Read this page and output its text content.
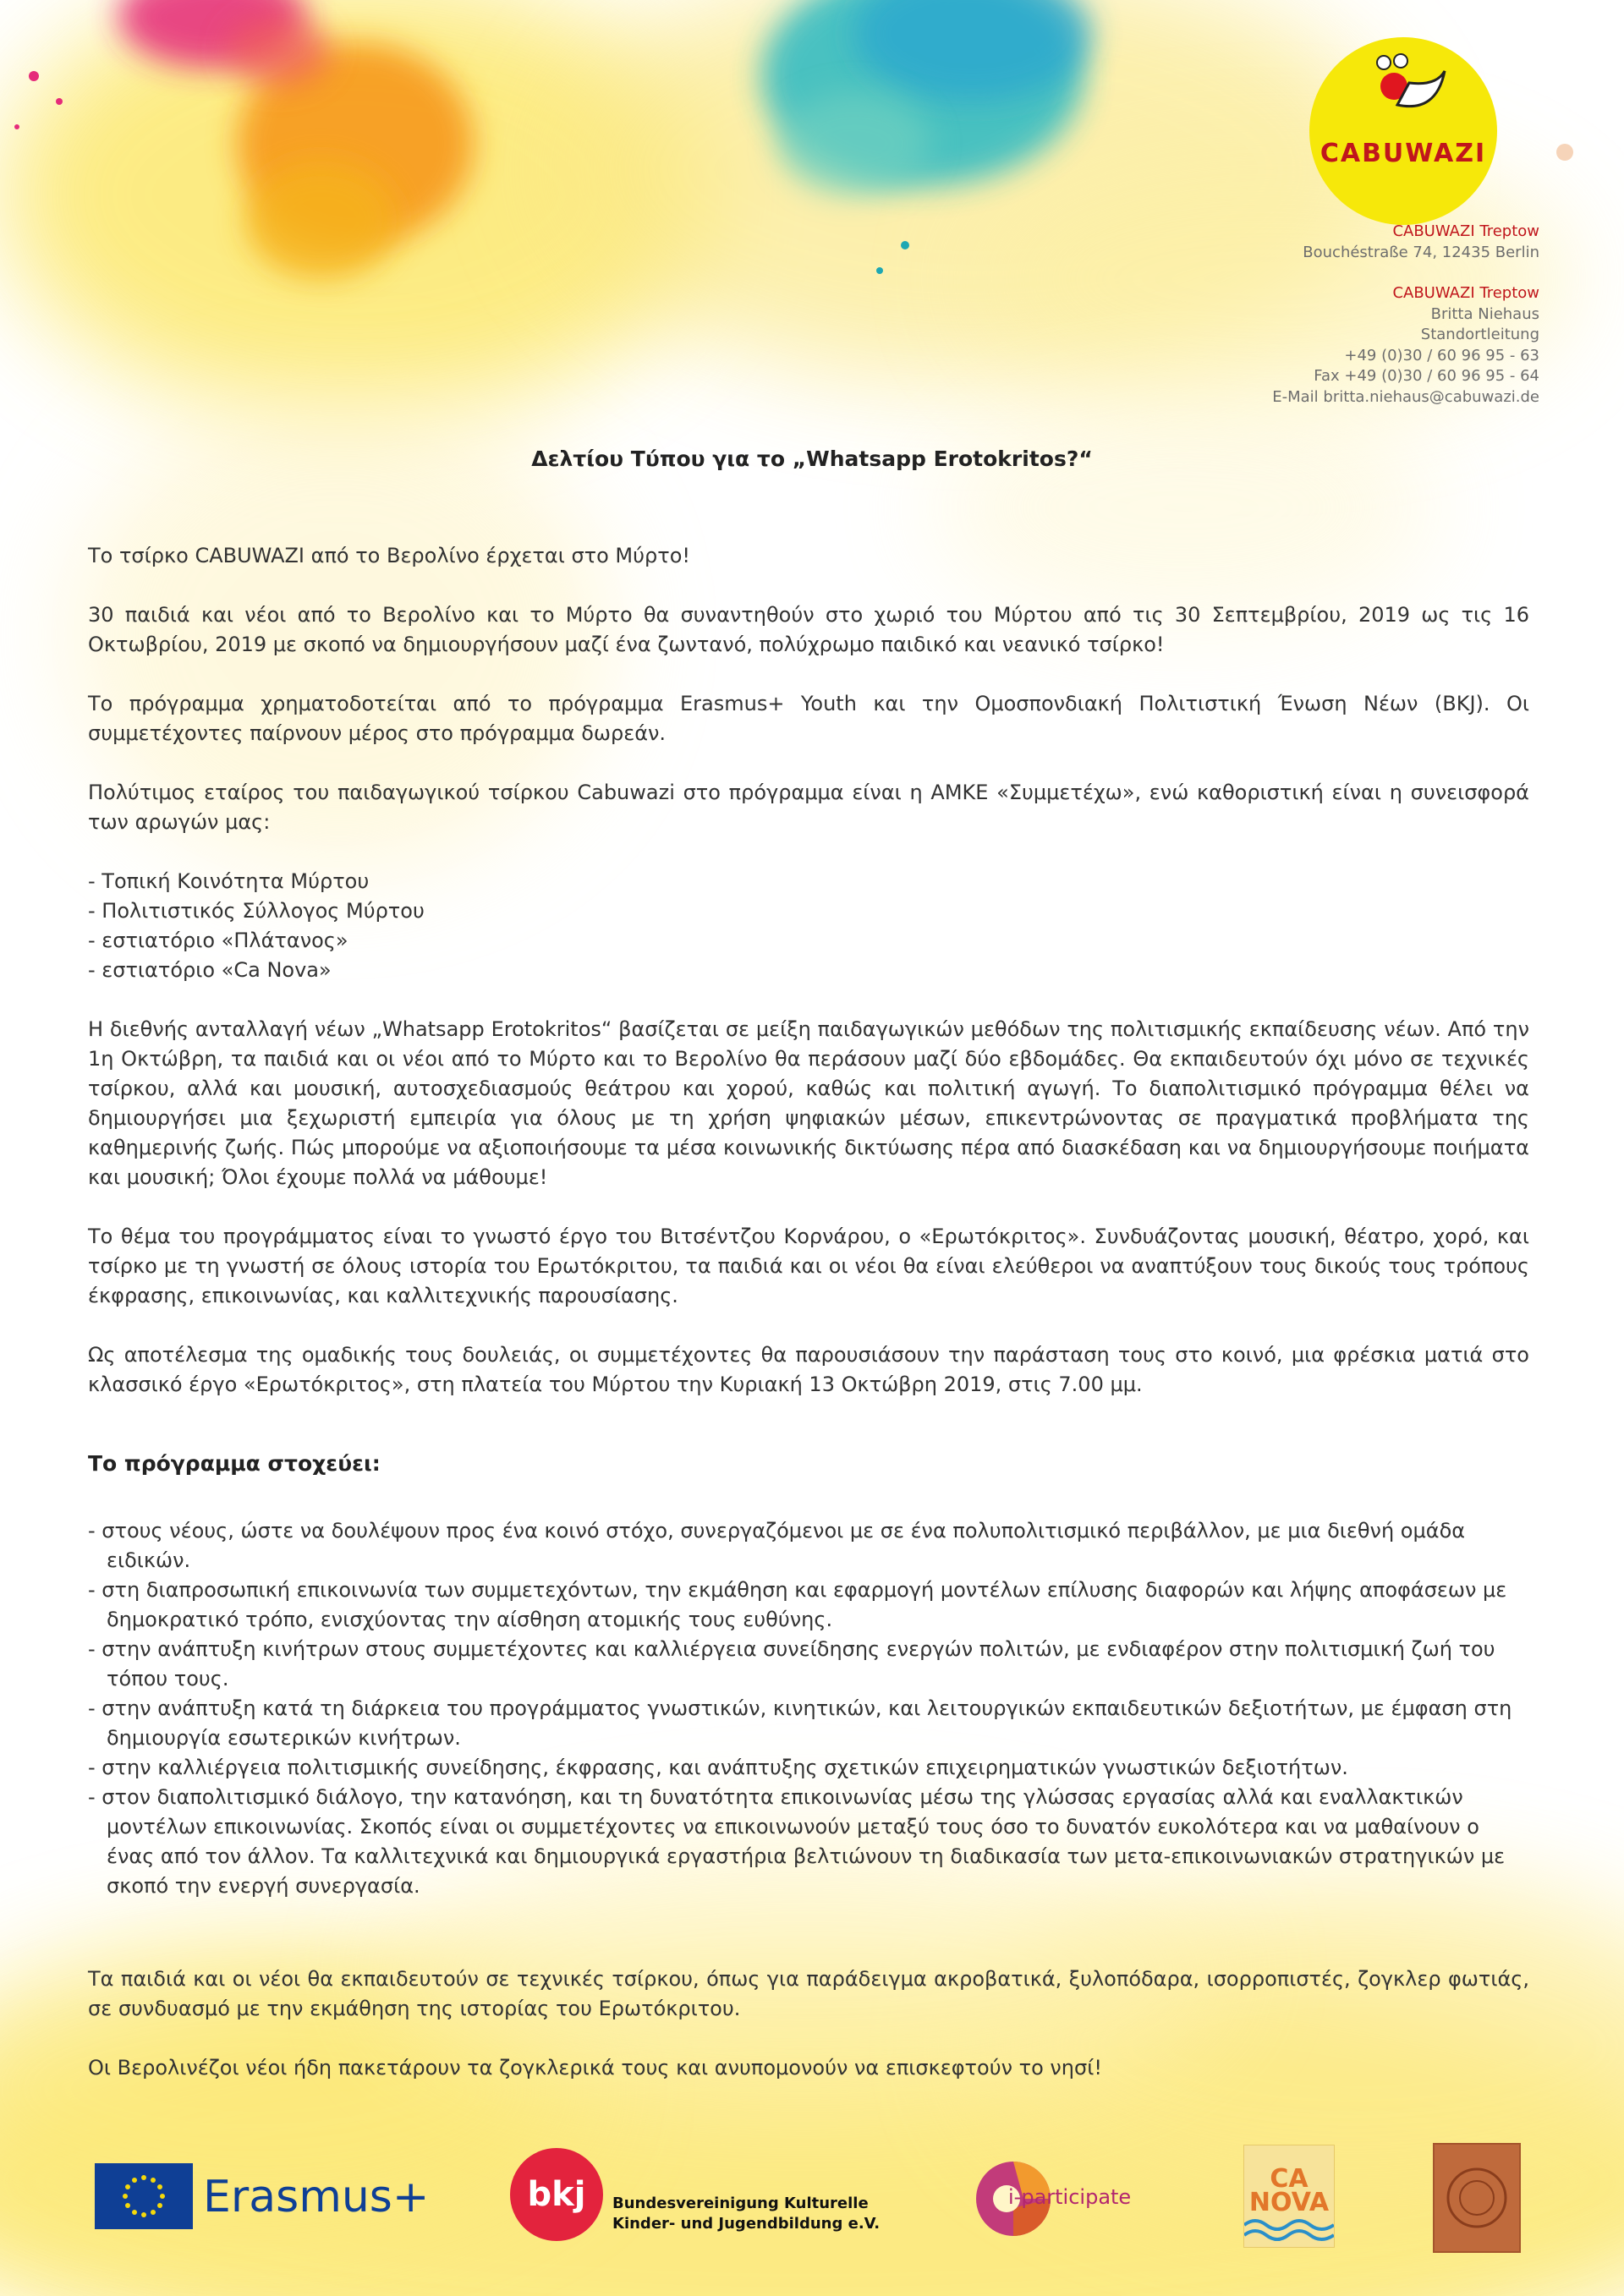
CABUWAZI
CABUWAZI Treptow
Bouchéstraße 74, 12435 Berlin
CABUWAZI Treptow
Britta Niehaus
Standortleitung
+49 (0)30 / 60 96 95 - 63
Fax +49 (0)30 / 60 96 95 - 64
E-Mail britta.niehaus@cabuwazi.de
Δελτίου Τύπου για το „Whatsapp Erotokritos?“

Το τσίρκο CABUWAZI από το Βερολίνο έρχεται στο Μύρτο!

30 παιδιά και νέοι από το Βερολίνο και το Μύρτο θα συναντηθούν στο χωριό του Μύρτου από τις 30 Σεπτεμβρίου, 2019 ως τις 16 Οκτωβρίου, 2019 με σκοπό να δημιουργήσουν μαζί ένα ζωντανό, πολύχρωμο παιδικό και νεανικό τσίρκο!

Το πρόγραμμα χρηματοδοτείται από το πρόγραμμα Erasmus+ Youth και την Ομοσπονδιακή Πολιτιστική Ένωση Νέων (BKJ). Οι συμμετέχοντες παίρνουν μέρος στο πρόγραμμα δωρεάν.

Πολύτιμος εταίρος του παιδαγωγικού τσίρκου Cabuwazi στο πρόγραμμα είναι η ΑΜΚΕ «Συμμετέχω», ενώ καθοριστική είναι η συνεισφορά των αρωγών μας:

- Τοπική Κοινότητα Μύρτου
- Πολιτιστικός Σύλλογος Μύρτου
- εστιατόριο «Πλάτανος»
- εστιατόριο «Ca Nova»

Η διεθνής ανταλλαγή νέων „Whatsapp Erotokritos“ βασίζεται σε μείξη παιδαγωγικών μεθόδων της πολιτισμικής εκπαίδευσης νέων. Από την 1η Οκτώβρη, τα παιδιά και οι νέοι από το Μύρτο και το Βερολίνο θα περάσουν μαζί δύο εβδομάδες. Θα εκπαιδευτούν όχι μόνο σε τεχνικές τσίρκου, αλλά και μουσική, αυτοσχεδιασμούς θεάτρου και χορού, καθώς και πολιτική αγωγή. Το διαπολιτισμικό πρόγραμμα θέλει να δημιουργήσει μια ξεχωριστή εμπειρία για όλους με τη χρήση ψηφιακών μέσων, επικεντρώνοντας σε πραγματικά προβλήματα της καθημερινής ζωής. Πώς μπορούμε να αξιοποιήσουμε τα μέσα κοινωνικής δικτύωσης πέρα από διασκέδαση και να δημιουργήσουμε ποιήματα και μουσική; Όλοι έχουμε πολλά να μάθουμε!

Το θέμα του προγράμματος είναι το γνωστό έργο του Βιτσέντζου Κορνάρου, ο «Ερωτόκριτος». Συνδυάζοντας μουσική, θέατρο, χορό, και τσίρκο με τη γνωστή σε όλους ιστορία του Ερωτόκριτου, τα παιδιά και οι νέοι θα είναι ελεύθεροι να αναπτύξουν τους δικούς τους τρόπους έκφρασης, επικοινωνίας, και καλλιτεχνικής παρουσίασης.

Ως αποτέλεσμα της ομαδικής τους δουλειάς, οι συμμετέχοντες θα παρουσιάσουν την παράσταση τους στο κοινό, μια φρέσκια ματιά στο κλασσικό έργο «Ερωτόκριτος», στη πλατεία του Μύρτου την Κυριακή 13 Οκτώβρη 2019, στις 7.00 μμ.

Το πρόγραμμα στοχεύει:
- στους νέους, ώστε να δουλέψουν προς ένα κοινό στόχο, συνεργαζόμενοι με σε ένα πολυπολιτισμικό περιβάλλον, με μια διεθνή ομάδα ειδικών.
- στη διαπροσωπική επικοινωνία των συμμετεχόντων, την εκμάθηση και εφαρμογή μοντέλων επίλυσης διαφορών και λήψης αποφάσεων με δημοκρατικό τρόπο, ενισχύοντας την αίσθηση ατομικής τους ευθύνης.
- στην ανάπτυξη κινήτρων στους συμμετέχοντες και καλλιέργεια συνείδησης ενεργών πολιτών, με ενδιαφέρον στην πολιτισμική ζωή του τόπου τους.
- στην ανάπτυξη κατά τη διάρκεια του προγράμματος γνωστικών, κινητικών, και λειτουργικών εκπαιδευτικών δεξιοτήτων, με έμφαση στη δημιουργία εσωτερικών κινήτρων.
- στην καλλιέργεια πολιτισμικής συνείδησης, έκφρασης, και ανάπτυξης σχετικών επιχειρηματικών γνωστικών δεξιοτήτων.
- στον διαπολιτισμικό διάλογο, την κατανόηση, και τη δυνατότητα επικοινωνίας μέσω της γλώσσας εργασίας αλλά και εναλλακτικών μοντέλων επικοινωνίας. Σκοπός είναι οι συμμετέχοντες να επικοινωνούν μεταξύ τους όσο το δυνατόν ευκολότερα και να μαθαίνουν ο ένας από τον άλλον. Τα καλλιτεχνικά και δημιουργικά εργαστήρια βελτιώνουν τη διαδικασία των μετα-επικοινωνιακών στρατηγικών με σκοπό την ενεργή συνεργασία.

Τα παιδιά και οι νέοι θα εκπαιδευτούν σε τεχνικές τσίρκου, όπως για παράδειγμα ακροβατικά, ξυλοπόδαρα, ισορροπιστές, ζογκλερ φωτιάς, σε συνδυασμό με την εκμάθηση της ιστορίας του Ερωτόκριτου.

Οι Βερολινέζοι νέοι ήδη πακετάρουν τα ζογκλερικά τους και ανυπομονούν να επισκεφτούν το νησί!

Erasmus+	bkj	Bundesvereinigung Kulturelle
Kinder- und Jugendbildung e.V.
i-participate
CA
NOVA
